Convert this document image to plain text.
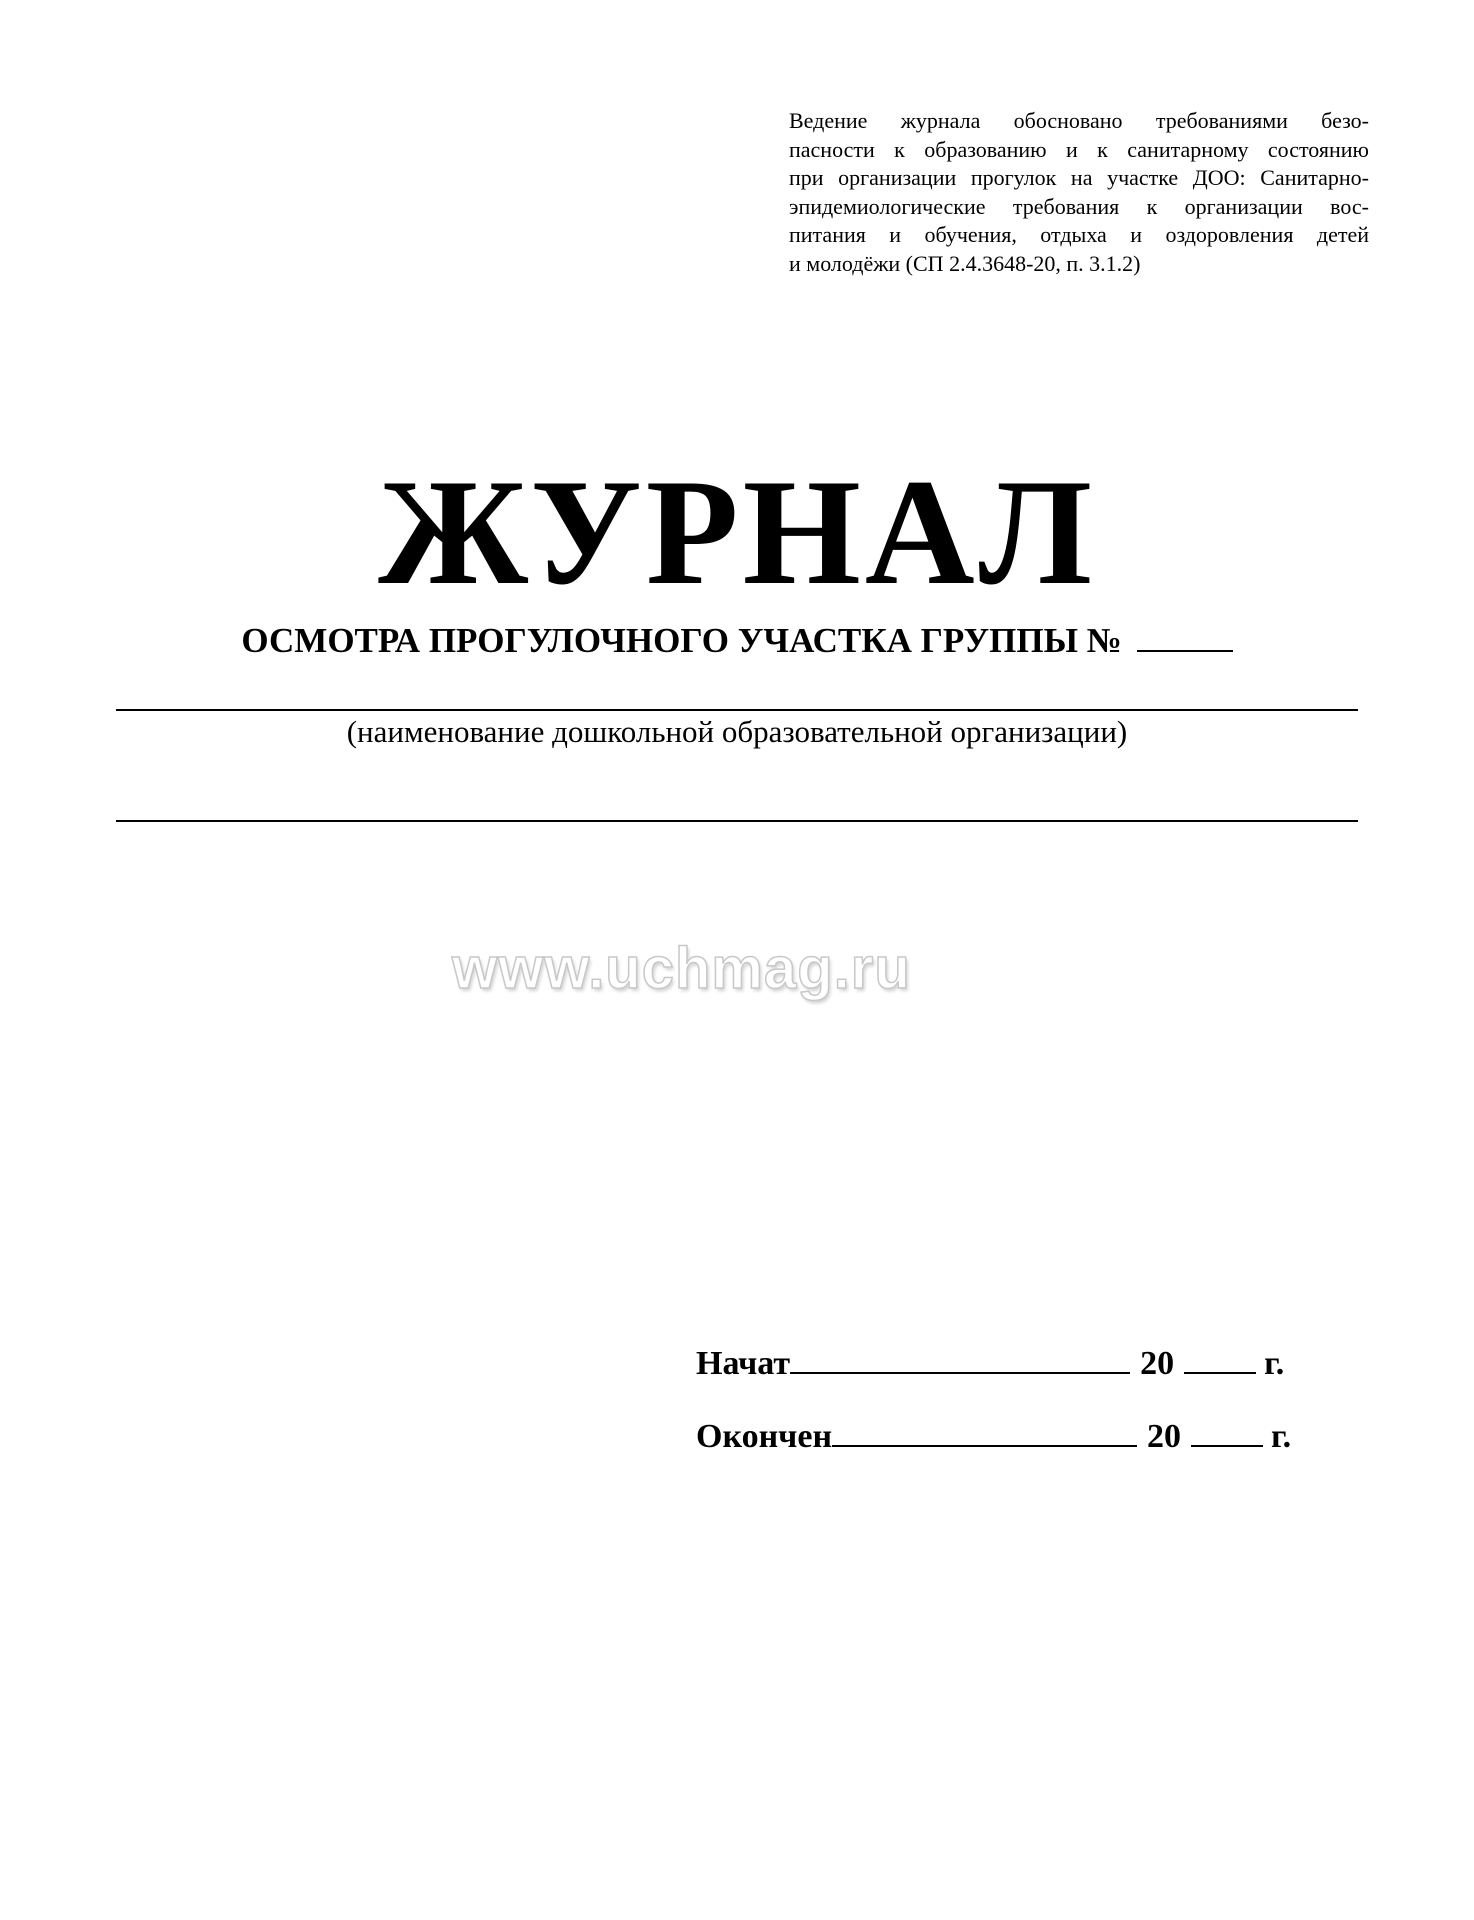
Ведение журнала обосновано требованиями безо-
пасности к образованию и к санитарному состоянию
при организации прогулок на участке ДОО: Санитарно-
эпидемиологические требования к организации вос-
питания и обучения, отдыха и оздоровления детей
и молодёжи (СП 2.4.3648-20, п. 3.1.2)
ЖУРНАЛ
ОСМОТРА ПРОГУЛОЧНОГО УЧАСТКА ГРУППЫ №
(наименование дошкольной образовательной организации)
www.uchmag.ru
Начат	20	г.
Окончен	20	г.
